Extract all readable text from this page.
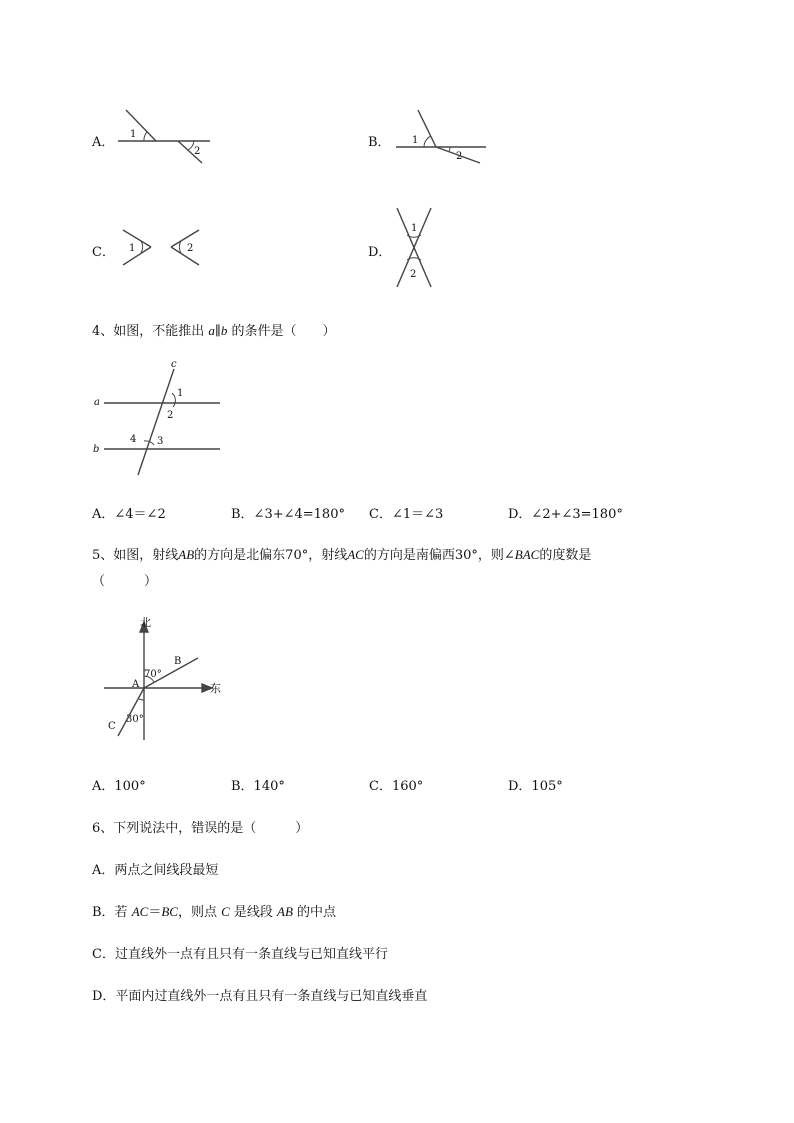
A．
1
2
B． 1
2
C． 1	2	D．
1
2
4、如图，不能推出 a∥b 的条件是（　　）
c
a
b
1
2
3
4
A．∠4＝∠2	B．∠3+∠4=180° C．∠1＝∠3	D．∠2+∠3=180°
5、如图，射线AB的方向是北偏东70°，射线AC的方向是南偏西30°，则∠BAC的度数是
（　　　）
北
东
A
B
C
70°
30°
A．100°	B．140°	C．160°	D．105°
6、下列说法中，错误的是（　　　）
A．两点之间线段最短
B．若 AC＝BC，则点 C 是线段 AB 的中点
C．过直线外一点有且只有一条直线与已知直线平行
D．平面内过直线外一点有且只有一条直线与已知直线垂直
